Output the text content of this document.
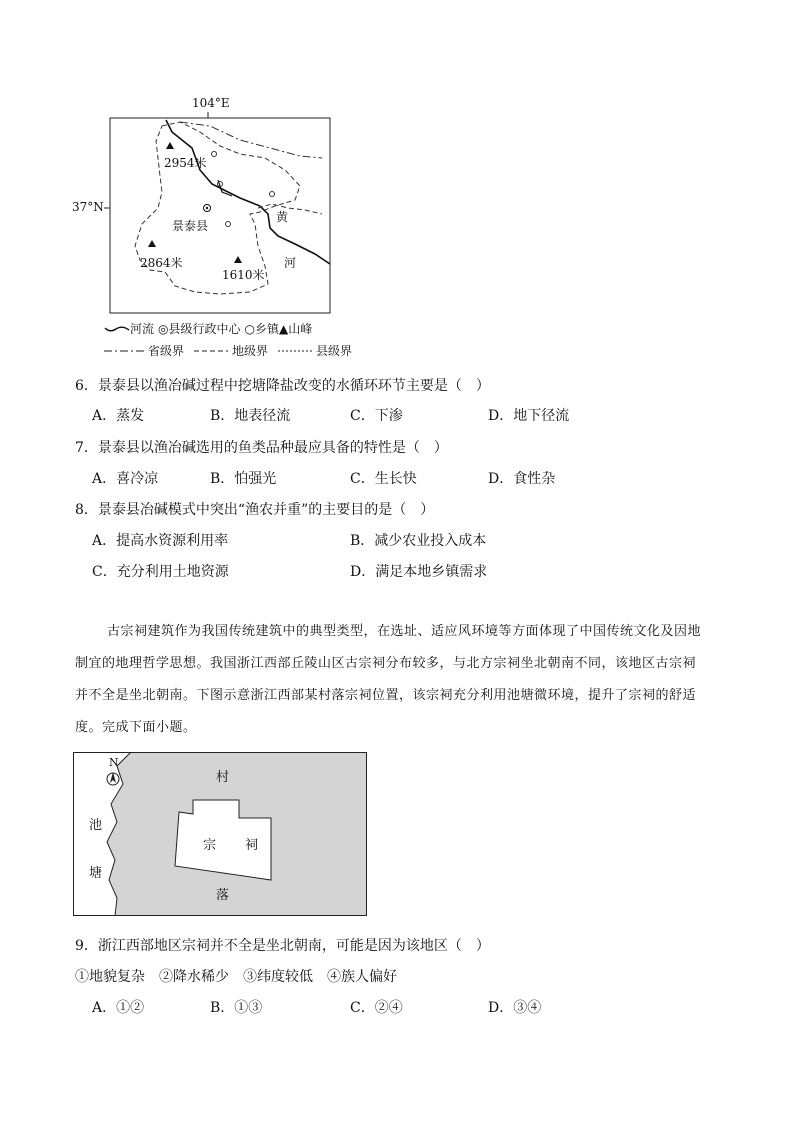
104°E
37°N
2954米
2864米
1610米
景泰县
黄
河
河流 ◎ 县级行政中心 ○ 乡镇 ▲ 山峰
省级界	地级界	县级界
6．景泰县以渔冶碱过程中挖塘降盐改变的水循环环节主要是（　）
A．蒸发	B．地表径流	C．下渗	D．地下径流
7．景泰县以渔冶碱选用的鱼类品种最应具备的特性是（　）
A．喜冷凉	B．怕强光	C．生长快	D．食性杂
8．景泰县冶碱模式中突出“渔农并重”的主要目的是（　）
A．提高水资源利用率	B．减少农业投入成本
C．充分利用土地资源	D．满足本地乡镇需求
古宗祠建筑作为我国传统建筑中的典型类型，在选址、适应风环境等方面体现了中国传统文化及因地
制宜的地理哲学思想。我国浙江西部丘陵山区古宗祠分布较多，与北方宗祠坐北朝南不同，该地区古宗祠
并不全是坐北朝南。下图示意浙江西部某村落宗祠位置，该宗祠充分利用池塘微环境，提升了宗祠的舒适
度。完成下面小题。
N
池
塘
村
落
宗 祠
9．浙江西部地区宗祠并不全是坐北朝南，可能是因为该地区（　）
①地貌复杂　②降水稀少　③纬度较低　④族人偏好
A．①②	B．①③	C．②④	D．③④
